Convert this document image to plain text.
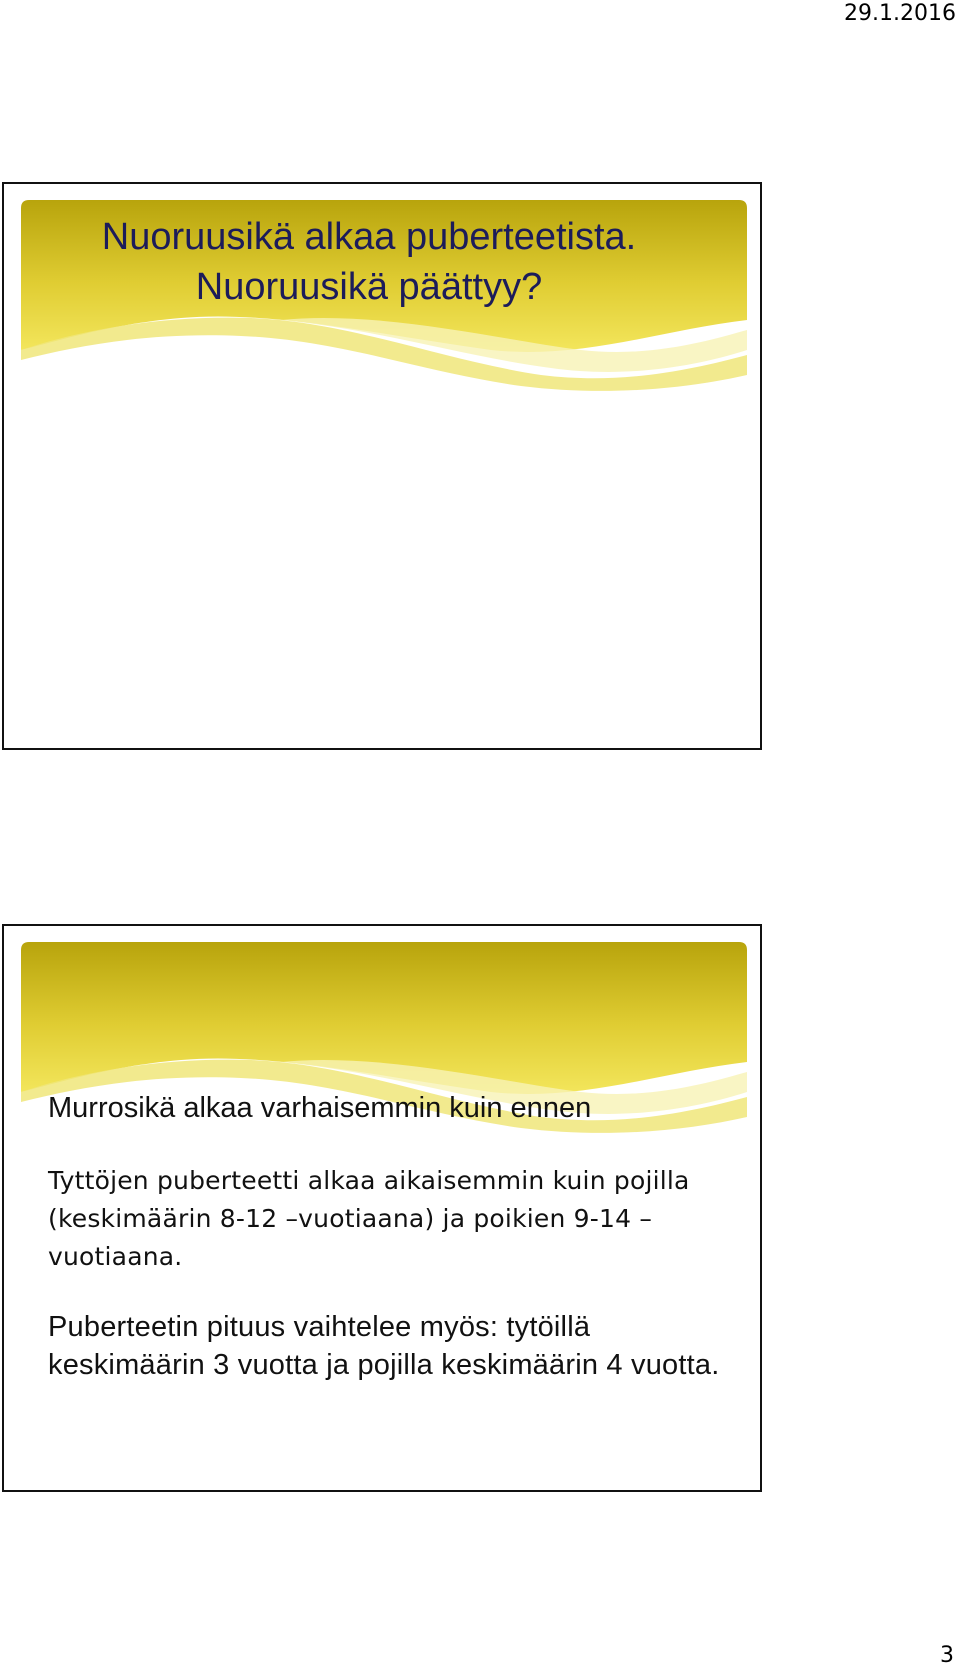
29.1.2016
Nuoruusikä alkaa puberteetista.
Nuoruusikä päättyy?

Murrosikä alkaa varhaisemmin kuin ennen

Tyttöjen puberteetti alkaa aikaisemmin kuin pojilla (keskimäärin 8-12 –vuotiaana) ja poikien 9-14 –vuotiaana.

Puberteetin pituus vaihtelee myös: tytöillä keskimäärin 3 vuotta ja pojilla keskimäärin 4 vuotta.

3
